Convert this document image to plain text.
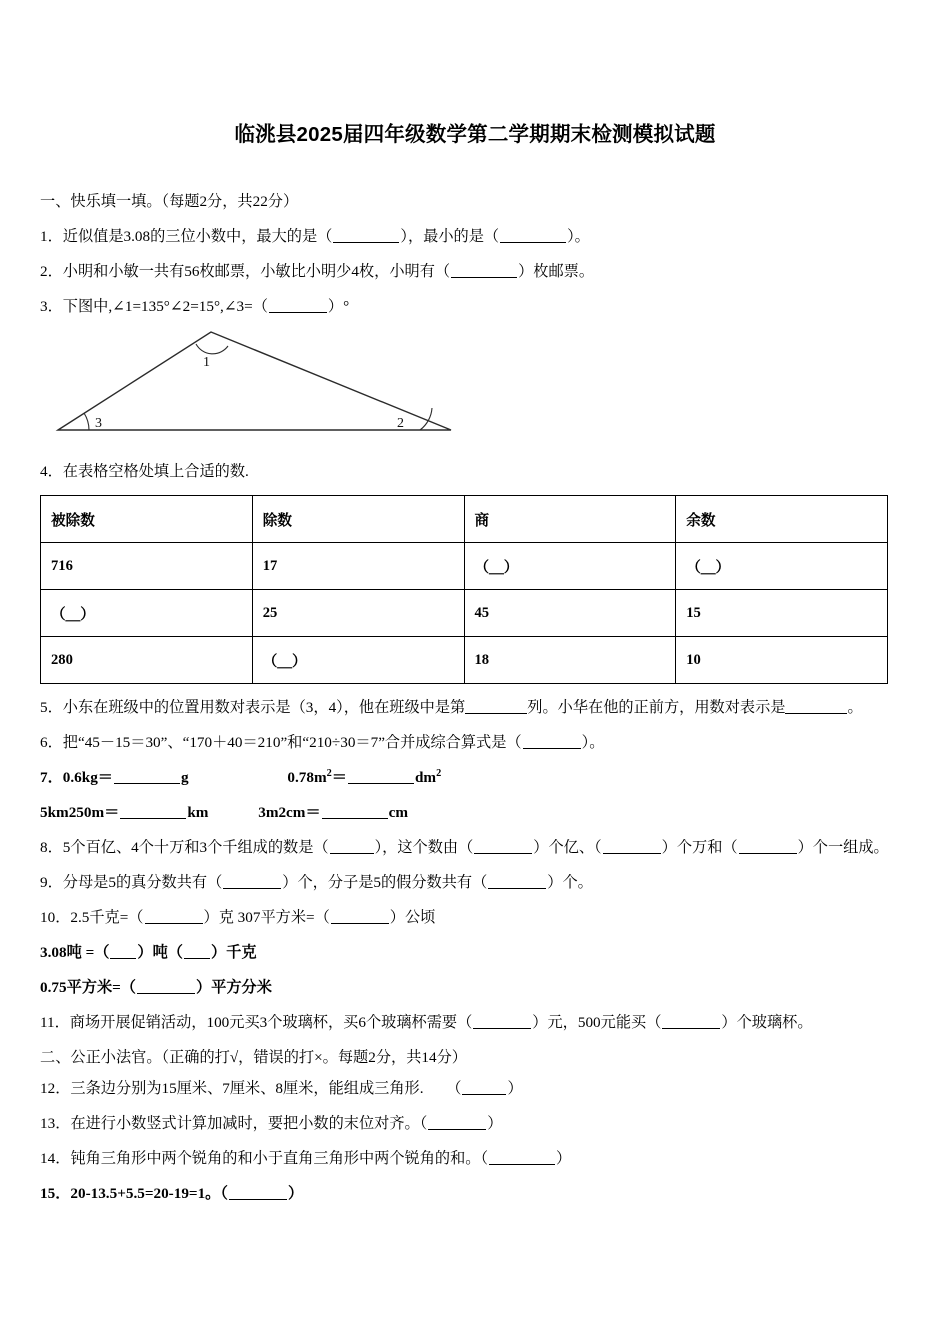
临洮县2025届四年级数学第二学期期末检测模拟试题
一、快乐填一填。（每题2分，共22分）
1．近似值是3.08的三位小数中，最大的是（	），最小的是（	）。
2．小明和小敏一共有56枚邮票，小敏比小明少4枚，小明有（	）枚邮票。
3．下图中,∠1=135°∠2=15°,∠3=（	）°
1
2
3
4．在表格空格处填上合适的数.
被除数	除数	商	余数
716	17	（＿）	（＿）
（＿）	25	45	15
280	（＿）	18	10
5．小东在班级中的位置用数对表示是（3，4），他在班级中是第	列。小华在他的正前方，用数对表示是	。
6．把“45－15＝30”、“170＋40＝210”和“210÷30＝7”合并成综合算式是（	）。
7．0.6kg＝	g	$0.78m^2=$	$dm^2$
5km250m＝	km	3m2cm＝	cm
8．5个百亿、4个十万和3个千组成的数是（	），这个数由（	）个亿、（	）个万和（	）个一组成。
9．分母是5的真分数共有（	）个，分子是5的假分数共有（	）个。
10．2.5千克=（	）克 307平方米=（	）公顷
3.08吨 =（ ）吨（ ）千克
0.75平方米=（	）平方分米
11．商场开展促销活动，100元买3个玻璃杯，买6个玻璃杯需要（	）元，500元能买（	）个玻璃杯。
二、公正小法官。（正确的打√，错误的打×。每题2分，共14分）
12．三条边分别为15厘米、7厘米、8厘米，能组成三角形.　　（	）
13．在进行小数竖式计算加减时，要把小数的末位对齐。（	）
14．钝角三角形中两个锐角的和小于直角三角形中两个锐角的和。（	）
15．20-13.5+5.5=20-19=1。（	）
